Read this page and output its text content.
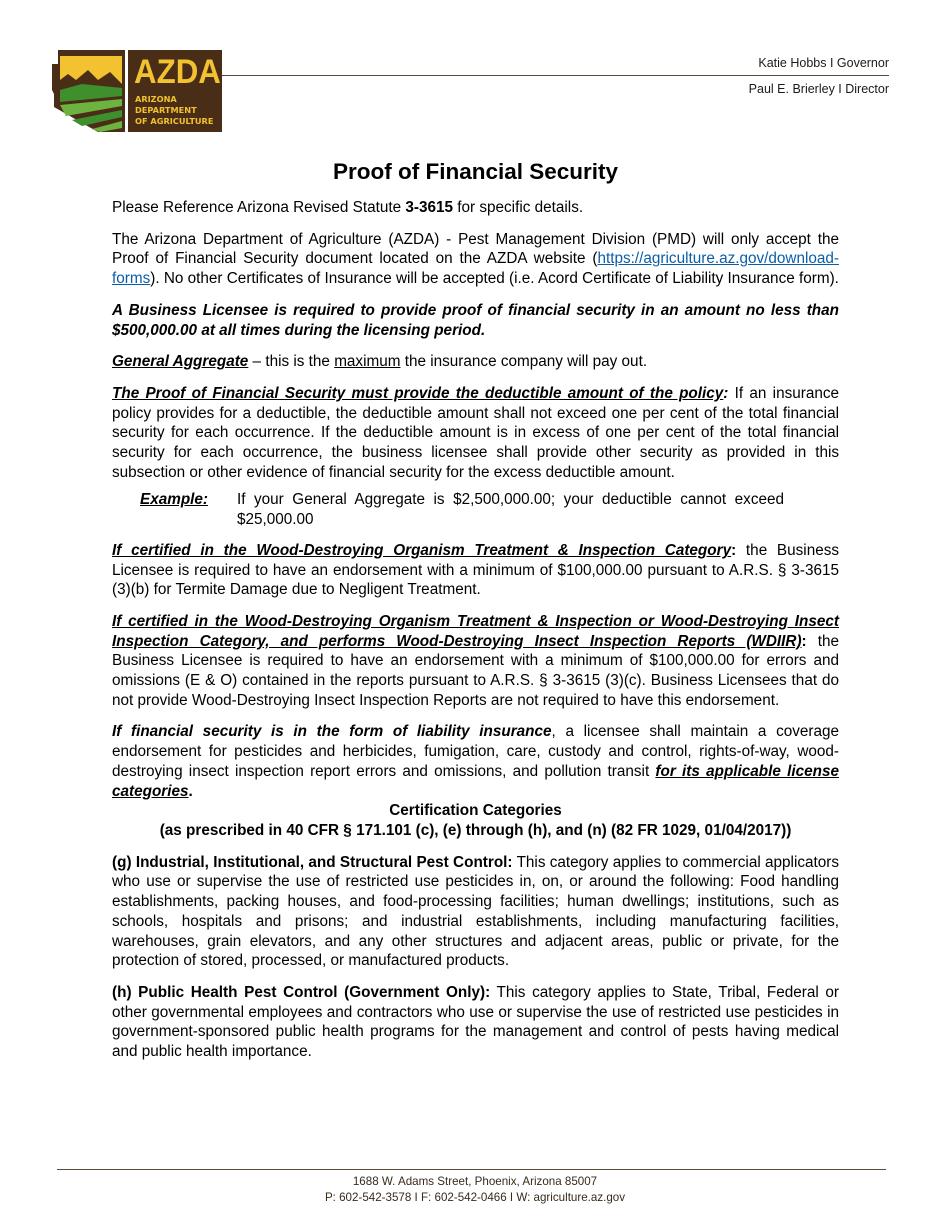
AZDA
ARIZONA
DEPARTMENT
OF AGRICULTURE
Katie Hobbs I Governor
Paul E. Brierley I Director
Proof of Financial Security

Please Reference Arizona Revised Statute 3-3615 for specific details.

The Arizona Department of Agriculture (AZDA) - Pest Management Division (PMD) will only accept the Proof of Financial Security document located on the AZDA website (https://agriculture.az.gov/download-forms). No other Certificates of Insurance will be accepted (i.e. Acord Certificate of Liability Insurance form).

A Business Licensee is required to provide proof of financial security in an amount no less than $500,000.00 at all times during the licensing period.

General Aggregate – this is the maximum the insurance company will pay out.

The Proof of Financial Security must provide the deductible amount of the policy: If an insurance policy provides for a deductible, the deductible amount shall not exceed one per cent of the total financial security for each occurrence. If the deductible amount is in excess of one per cent of the total financial security for each occurrence, the business licensee shall provide other security as provided in this subsection or other evidence of financial security for the excess deductible amount.

Example:	If your General Aggregate is $2,500,000.00; your deductible cannot exceed $25,000.00

If certified in the Wood-Destroying Organism Treatment & Inspection Category: the Business Licensee is required to have an endorsement with a minimum of $100,000.00 pursuant to A.R.S. § 3-3615 (3)(b) for Termite Damage due to Negligent Treatment.

If certified in the Wood-Destroying Organism Treatment & Inspection or Wood-Destroying Insect Inspection Category, and performs Wood-Destroying Insect Inspection Reports (WDIIR): the Business Licensee is required to have an endorsement with a minimum of $100,000.00 for errors and omissions (E & O) contained in the reports pursuant to A.R.S. § 3-3615 (3)(c). Business Licensees that do not provide Wood-Destroying Insect Inspection Reports are not required to have this endorsement.

If financial security is in the form of liability insurance, a licensee shall maintain a coverage endorsement for pesticides and herbicides, fumigation, care, custody and control, rights-of-way, wood-destroying insect inspection report errors and omissions, and pollution transit for its applicable license categories.

Certification Categories
(as prescribed in 40 CFR § 171.101 (c), (e) through (h), and (n) (82 FR 1029, 01/04/2017))

(g) Industrial, Institutional, and Structural Pest Control: This category applies to commercial applicators who use or supervise the use of restricted use pesticides in, on, or around the following: Food handling establishments, packing houses, and food-processing facilities; human dwellings; institutions, such as schools, hospitals and prisons; and industrial establishments, including manufacturing facilities, warehouses, grain elevators, and any other structures and adjacent areas, public or private, for the protection of stored, processed, or manufactured products.

(h) Public Health Pest Control (Government Only): This category applies to State, Tribal, Federal or other governmental employees and contractors who use or supervise the use of restricted use pesticides in government-sponsored public health programs for the management and control of pests having medical and public health importance.

1688 W. Adams Street, Phoenix, Arizona 85007
P: 602-542-3578 I F: 602-542-0466 I W: agriculture.az.gov
